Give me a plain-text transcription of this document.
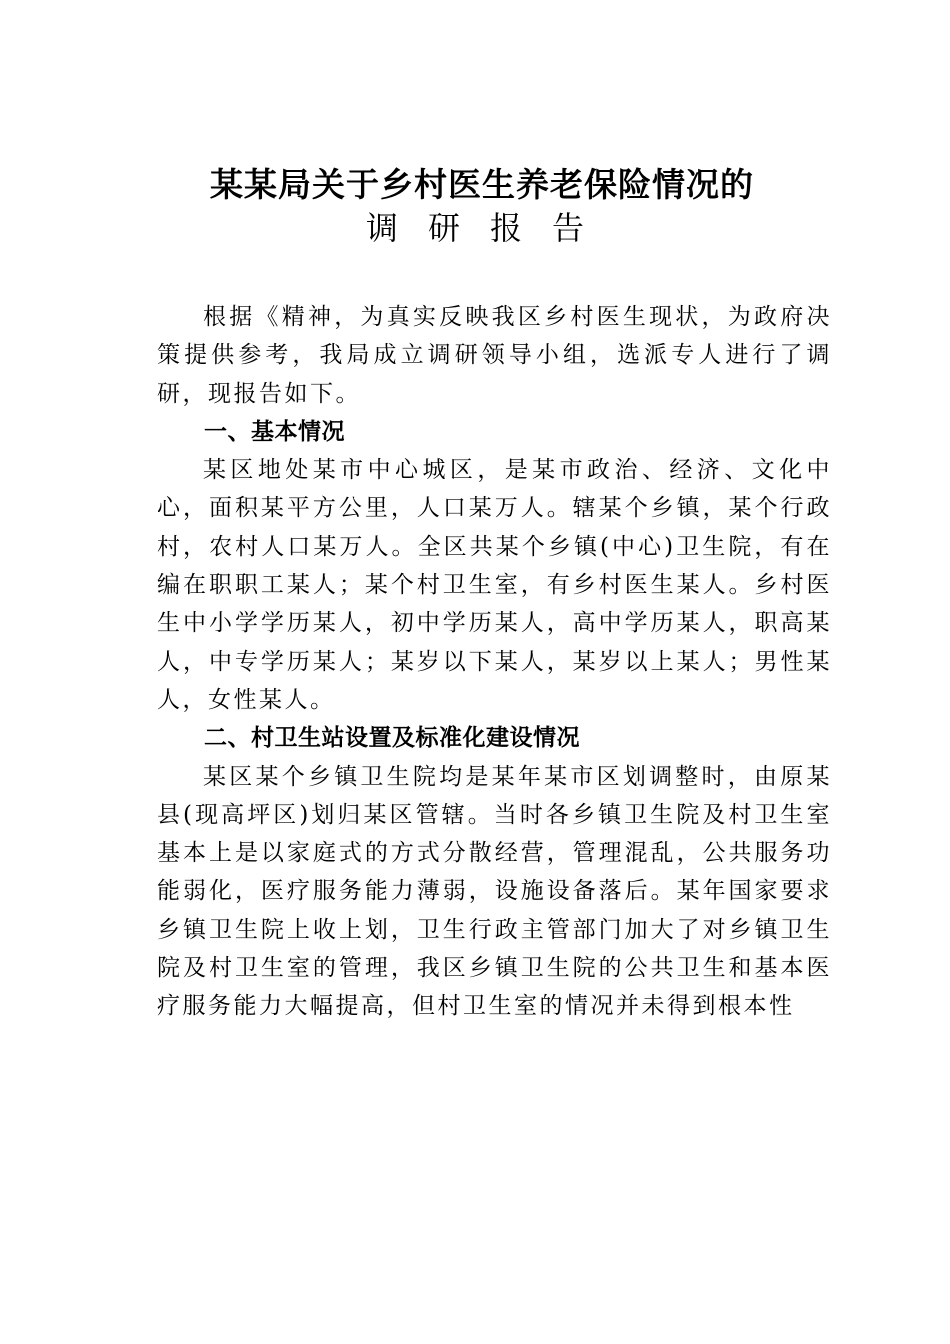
某某局关于乡村医生养老保险情况的
调研报告

根据《精神，为真实反映我区乡村医生现状，为政府决策提供参考，我局成立调研领导小组，选派专人进行了调研，现报告如下。

一、基本情况

某区地处某市中心城区，是某市政治、经济、文化中心，面积某平方公里，人口某万人。辖某个乡镇，某个行政村，农村人口某万人。全区共某个乡镇(中心)卫生院，有在编在职职工某人；某个村卫生室，有乡村医生某人。乡村医生中小学学历某人，初中学历某人，高中学历某人，职高某人，中专学历某人；某岁以下某人，某岁以上某人；男性某人，女性某人。

二、村卫生站设置及标准化建设情况

某区某个乡镇卫生院均是某年某市区划调整时，由原某县(现高坪区)划归某区管辖。当时各乡镇卫生院及村卫生室基本上是以家庭式的方式分散经营，管理混乱，公共服务功能弱化，医疗服务能力薄弱，设施设备落后。某年国家要求乡镇卫生院上收上划，卫生行政主管部门加大了对乡镇卫生院及村卫生室的管理，我区乡镇卫生院的公共卫生和基本医疗服务能力大幅提高，但村卫生室的情况并未得到根本性
